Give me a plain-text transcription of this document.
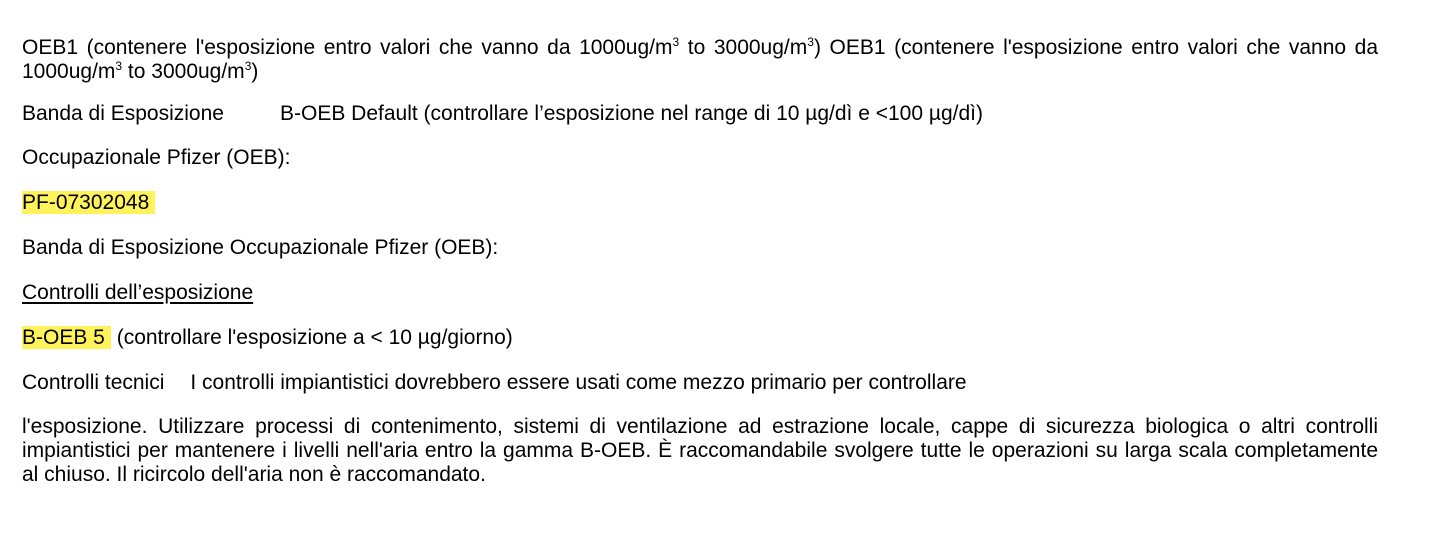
OEB1 (contenere l'esposizione entro valori che vanno da $1000ug/m^3$ to $3000ug/m^3$) OEB1 (contenere l'esposizione entro valori che vanno da $1000ug/m^3$ to $3000ug/m^3$)

Banda di Esposizione	B-OEB Default (controllare l’esposizione nel range di 10 µg/dì e <100 µg/dì)

Occupazionale Pfizer (OEB):

PF-07302048

Banda di Esposizione Occupazionale Pfizer (OEB):

Controlli dell’esposizione

B-OEB 5 (controllare l'esposizione a < 10 µg/giorno)

Controlli tecnici I controlli impiantistici dovrebbero essere usati come mezzo primario per controllare

l'esposizione. Utilizzare processi di contenimento, sistemi di ventilazione ad estrazione locale, cappe di sicurezza biologica o altri controlli impiantistici per mantenere i livelli nell'aria entro la gamma B-OEB. È raccomandabile svolgere tutte le operazioni su larga scala completamente al chiuso. Il ricircolo dell'aria non è raccomandato.
